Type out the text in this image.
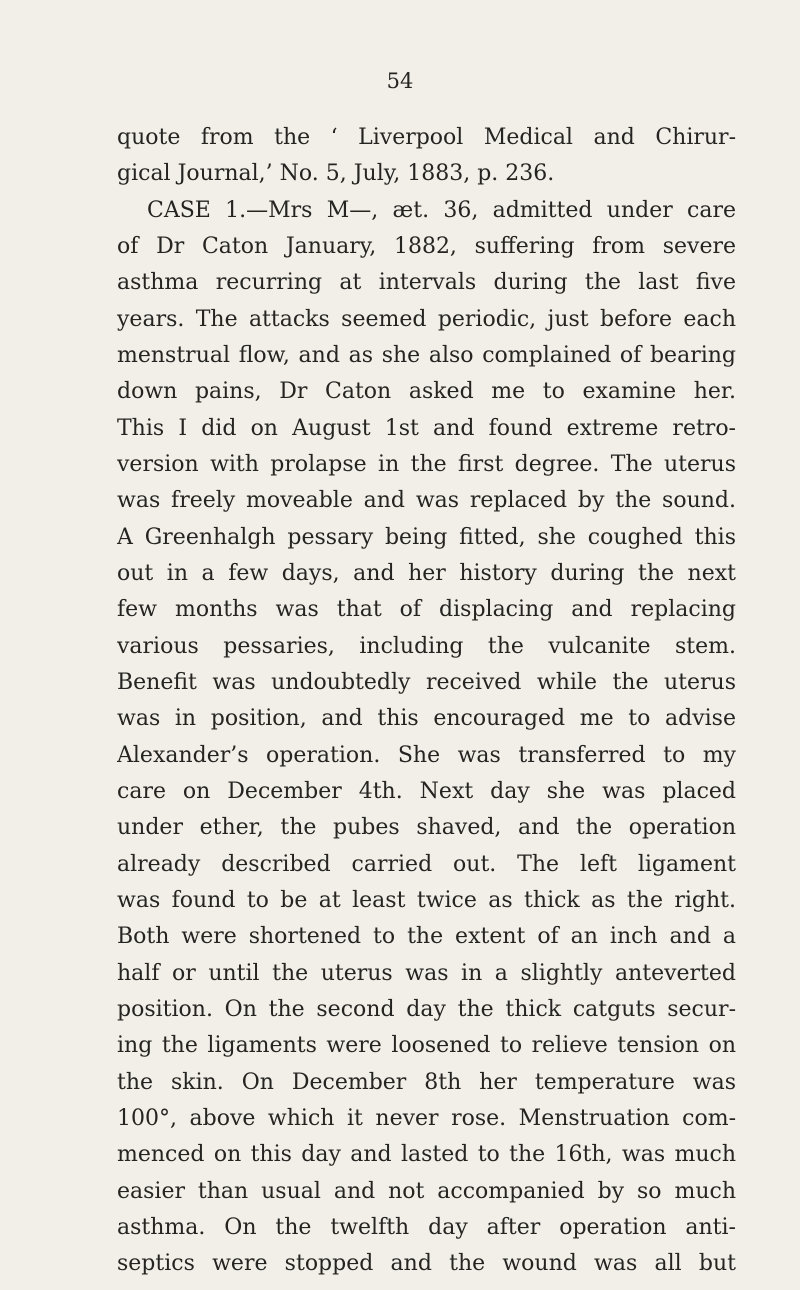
54
quote from the ‘ Liverpool Medical and Chirur-
gical Journal,’ No. 5, July, 1883, p. 236.
CASE 1.—Mrs M—, æt. 36, admitted under care
of Dr Caton January, 1882, suffering from severe
asthma recurring at intervals during the last five
years. The attacks seemed periodic, just before each
menstrual flow, and as she also complained of bearing
down pains, Dr Caton asked me to examine her.
This I did on August 1st and found extreme retro-
version with prolapse in the first degree. The uterus
was freely moveable and was replaced by the sound.
A Greenhalgh pessary being fitted, she coughed this
out in a few days, and her history during the next
few months was that of displacing and replacing
various pessaries, including the vulcanite stem.
Benefit was undoubtedly received while the uterus
was in position, and this encouraged me to advise
Alexander’s operation. She was transferred to my
care on December 4th. Next day she was placed
under ether, the pubes shaved, and the operation
already described carried out. The left ligament
was found to be at least twice as thick as the right.
Both were shortened to the extent of an inch and a
half or until the uterus was in a slightly anteverted
position. On the second day the thick catguts secur-
ing the ligaments were loosened to relieve tension on
the skin. On December 8th her temperature was
100°, above which it never rose. Menstruation com-
menced on this day and lasted to the 16th, was much
easier than usual and not accompanied by so much
asthma. On the twelfth day after operation anti-
septics were stopped and the wound was all but
